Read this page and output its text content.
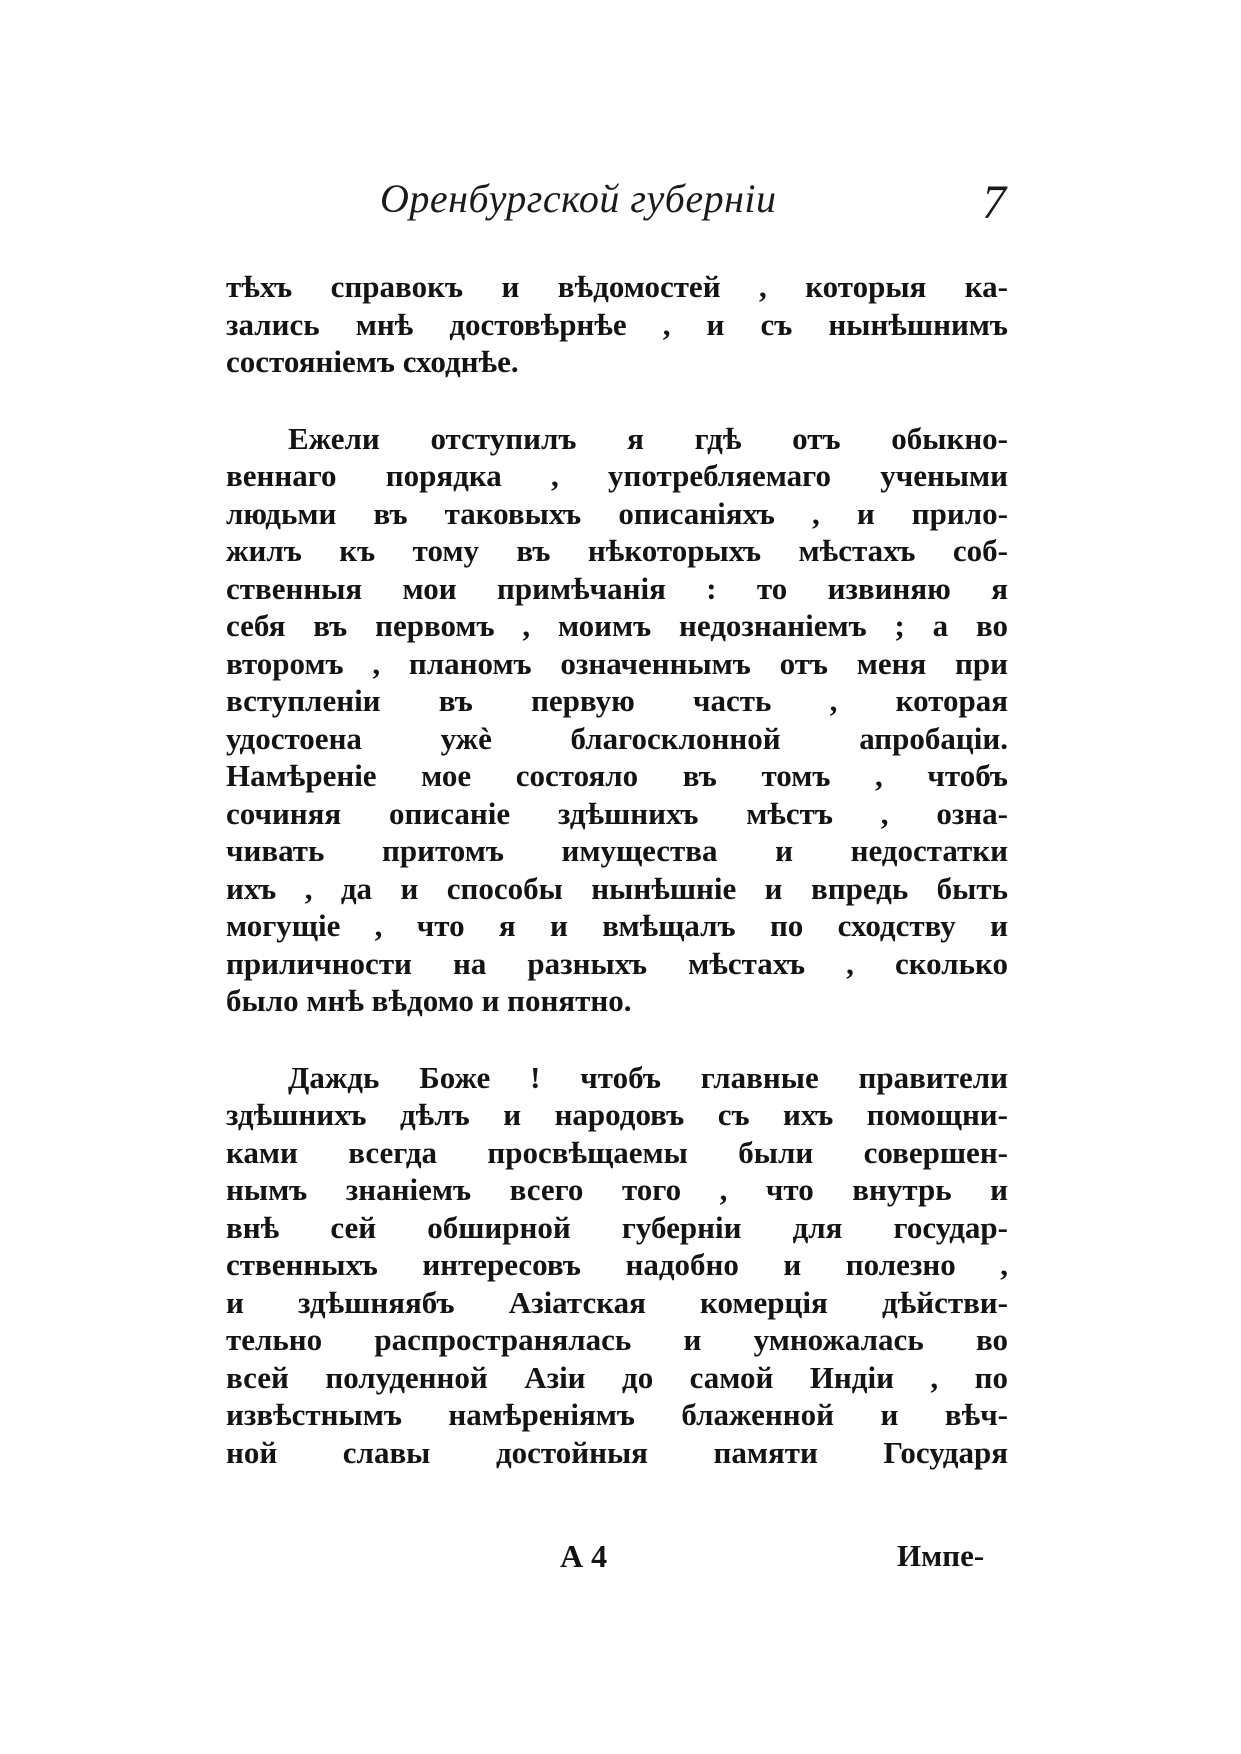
Оренбургской губерніи	7
тѣхъ справокъ и вѣдомостей , которыя ка-
зались мнѣ достовѣрнѣе , и съ нынѣшнимъ
состояніемъ сходнѣе.
Ежели отступилъ я гдѣ отъ обыкно-
веннаго порядка , употребляемаго учеными
людьми въ таковыхъ описаніяхъ , и прило-
жилъ къ тому въ нѣкоторыхъ мѣстахъ соб-
ственныя мои примѣчанія : то извиняю я
себя въ первомъ , моимъ недознаніемъ ; а во
второмъ , планомъ означеннымъ отъ меня при
вступленіи въ первую часть , которая
удостоена ужѐ благосклонной апробаціи.
Намѣреніе мое состояло въ томъ , чтобъ
сочиняя описаніе здѣшнихъ мѣстъ , озна-
чивать притомъ имущества и недостатки
ихъ , да и способы нынѣшніе и впредь быть
могущіе , что я и вмѣщалъ по сходству и
приличности на разныхъ мѣстахъ , сколько
было мнѣ вѣдомо и понятно.
Даждь Боже ! чтобъ главные правители
здѣшнихъ дѣлъ и народовъ съ ихъ помощни-
ками всегда просвѣщаемы были совершен-
нымъ знаніемъ всего того , что внутрь и
внѣ сей обширной губерніи для государ-
ственныхъ интересовъ надобно и полезно ,
и здѣшняябъ Азіатская комерція дѣйстви-
тельно распространялась и умножалась во
всей полуденной Азіи до самой Индіи , по
извѣстнымъ намѣреніямъ блаженной и вѣч-
ной славы достойныя памяти Государя
А 4	Импе-
